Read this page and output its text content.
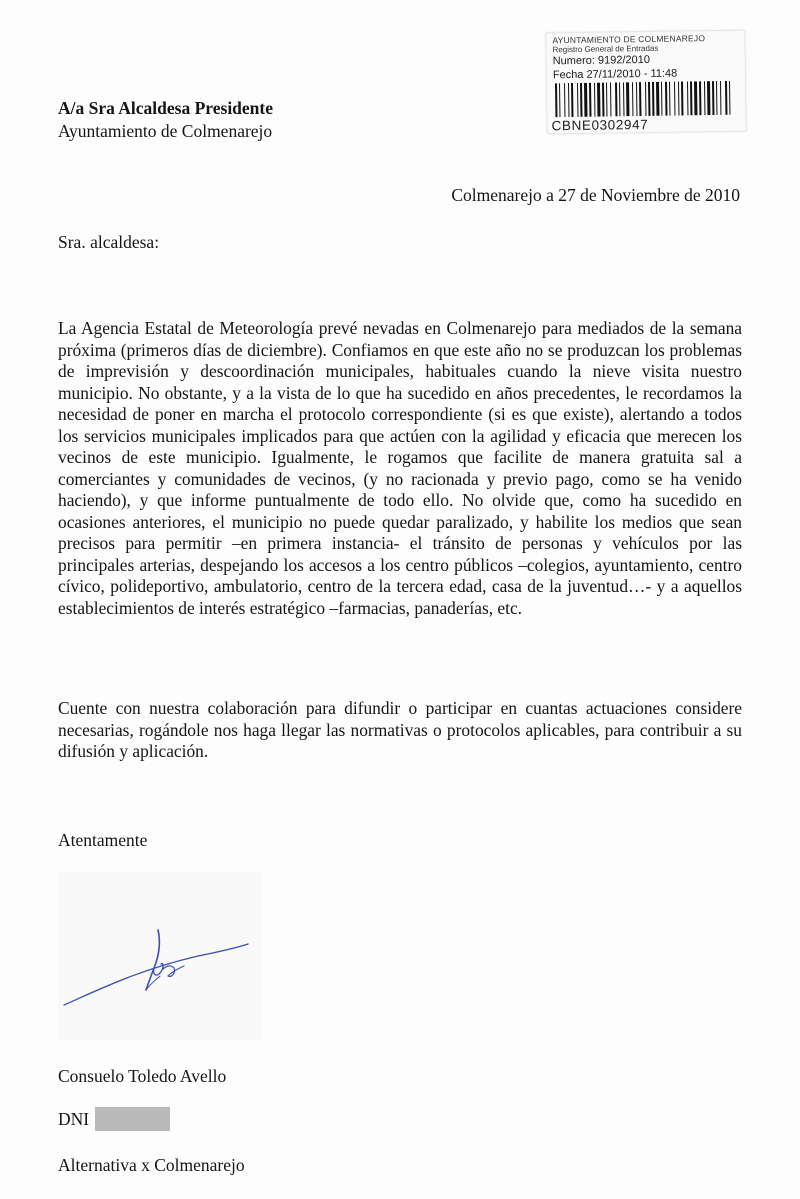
AYUNTAMIENTO DE COLMENAREJO
Registro General de Entradas
Numero: 9192/2010
Fecha 27/11/2010 - 11:48
CBNE0302947
A/a Sra Alcaldesa Presidente
Ayuntamiento de Colmenarejo
Colmenarejo a 27 de Noviembre de 2010
Sra. alcaldesa:
La Agencia Estatal de Meteorología prevé nevadas en Colmenarejo para mediados de la semana próxima (primeros días de diciembre). Confiamos en que este año no se produzcan los problemas de imprevisión y descoordinación municipales, habituales cuando la nieve visita nuestro municipio. No obstante, y a la vista de lo que ha sucedido en años precedentes, le recordamos la necesidad de poner en marcha el protocolo correspondiente (si es que existe), alertando a todos los servicios municipales implicados para que actúen con la agilidad y eficacia que merecen los vecinos de este municipio. Igualmente, le rogamos que facilite de manera gratuita sal a comerciantes y comunidades de vecinos, (y no racionada y previo pago, como se ha venido haciendo), y que informe puntualmente de todo ello. No olvide que, como ha sucedido en ocasiones anteriores, el municipio no puede quedar paralizado, y habilite los medios que sean precisos para permitir –en primera instancia- el tránsito de personas y vehículos por las principales arterias, despejando los accesos a los centro públicos –colegios, ayuntamiento, centro cívico, polideportivo, ambulatorio, centro de la tercera edad, casa de la juventud…- y a aquellos establecimientos de interés estratégico –farmacias, panaderías, etc.
Cuente con nuestra colaboración para difundir o participar en cuantas actuaciones considere necesarias, rogándole nos haga llegar las normativas o protocolos aplicables, para contribuir a su difusión y aplicación.
Atentamente
Consuelo Toledo Avello
DNI
Alternativa x Colmenarejo
